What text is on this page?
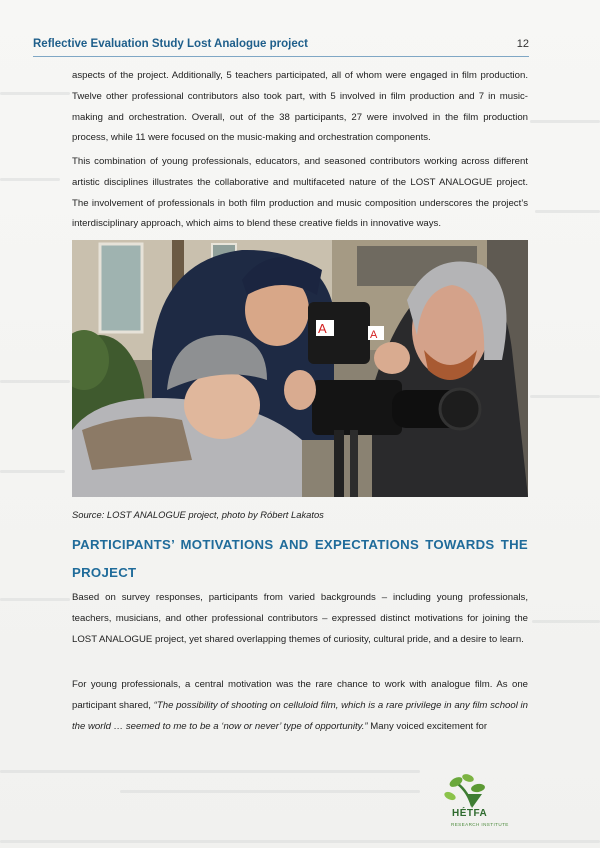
Reflective Evaluation Study Lost Analogue project	12

aspects of the project. Additionally, 5 teachers participated, all of whom were engaged in film production. Twelve other professional contributors also took part, with 5 involved in film production and 7 in music-making and orchestration. Overall, out of the 38 participants, 27 were involved in the film production process, while 11 were focused on the music-making and orchestration components.

This combination of young professionals, educators, and seasoned contributors working across different artistic disciplines illustrates the collaborative and multifaceted nature of the LOST ANALOGUE project. The involvement of professionals in both film production and music composition underscores the project’s interdisciplinary approach, which aims to blend these creative fields in innovative ways.

A	A
Source: LOST ANALOGUE project, photo by Róbert Lakatos
PARTICIPANTS’ MOTIVATIONS AND EXPECTATIONS TOWARDS THE PROJECT

Based on survey responses, participants from varied backgrounds – including young professionals, teachers, musicians, and other professional contributors – expressed distinct motivations for joining the LOST ANALOGUE project, yet shared overlapping themes of curiosity, cultural pride, and a desire to learn.

For young professionals, a central motivation was the rare chance to work with analogue film. As one participant shared, “The possibility of shooting on celluloid film, which is a rare privilege in any film school in the world … seemed to me to be a ‘now or never’ type of opportunity.” Many voiced excitement for

HÉTFA
RESEARCH INSTITUTE
